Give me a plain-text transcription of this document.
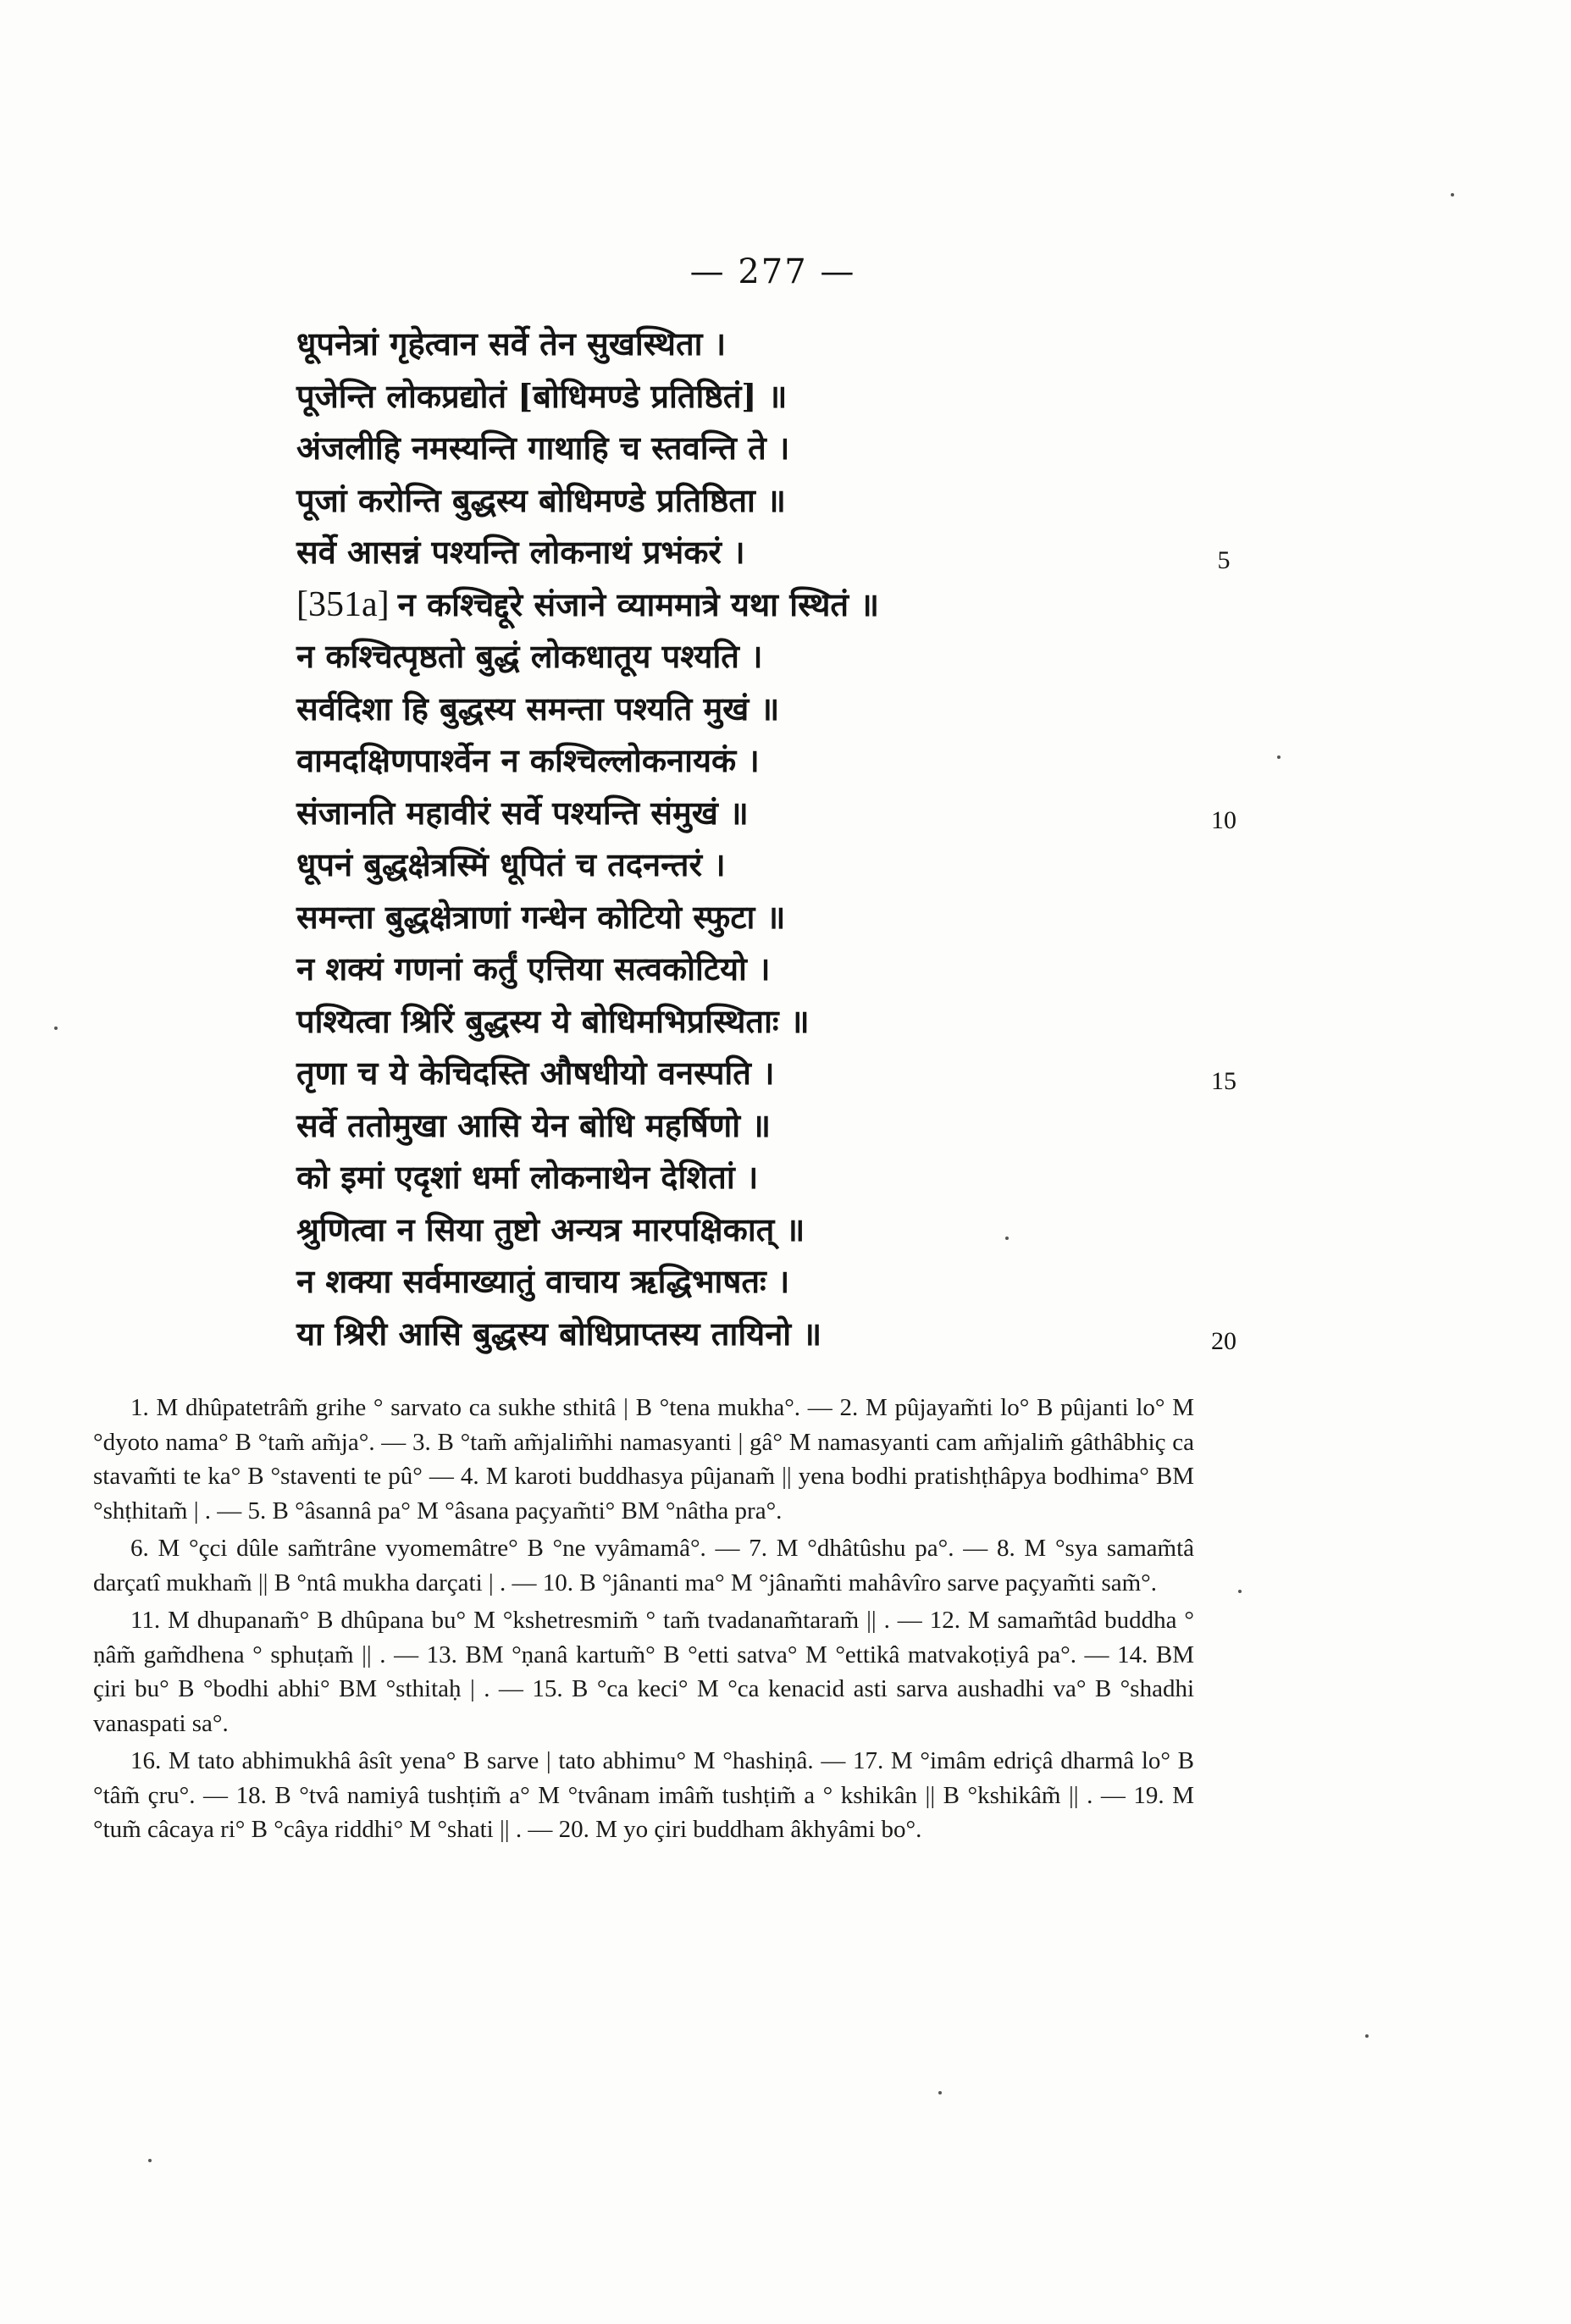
— 277 —
धूपनेत्रां गृहेत्वान सर्वे तेन सुखस्थिता ।
पूजेन्ति लोकप्रद्योतं [बोधिमण्डे प्रतिष्ठितं] ॥
अंजलीहि नमस्यन्ति गाथाहि च स्तवन्ति ते ।
पूजां करोन्ति बुद्धस्य बोधिमण्डे प्रतिष्ठिता ॥
सर्वे आसन्नं पश्यन्ति लोकनाथं प्रभंकरं ।
[351a] न कश्चिद्दूरे संजाने व्याममात्रे यथा स्थितं ॥
न कश्चित्पृष्ठतो बुद्धं लोकधातूय पश्यति ।
सर्वदिशा हि बुद्धस्य समन्ता पश्यति मुखं ॥
वामदक्षिणपार्श्वेन न कश्चिल्लोकनायकं ।
संजानति महावीरं सर्वे पश्यन्ति संमुखं ॥
धूपनं बुद्धक्षेत्रस्मिं धूपितं च तदनन्तरं ।
समन्ता बुद्धक्षेत्राणां गन्धेन कोटियो स्फुटा ॥
न शक्यं गणनां कर्तुं एत्तिया सत्वकोटियो ।
पश्यित्वा श्रिरिं बुद्धस्य ये बोधिमभिप्रस्थिताः ॥
तृणा च ये केचिदस्ति औषधीयो वनस्पति ।
सर्वे ततोमुखा आसि येन बोधि महर्षिणो ॥
को इमां एदृशां धर्मा लोकनाथेन देशितां ।
श्रुणित्वा न सिया तुष्टो अन्यत्र मारपक्षिकात् ॥
न शक्या सर्वमाख्यातुं वाचाय ऋद्धिभाषतः ।
या श्रिरी आसि बुद्धस्य बोधिप्राप्तस्य तायिनो ॥
5
10
15
20

1. M dhûpatetrâm̃ grihe ° sarvato ca sukhe sthitâ | B °tena mukha°. — 2. M pûjayam̃ti lo° B pûjanti lo° M °dyoto nama° B °tam̃ am̃ja°. — 3. B °tam̃ am̃jalim̃hi namasyanti | gâ° M namasyanti cam am̃jalim̃ gâthâbhiç ca stavam̃ti te ka° B °staventi te pû° — 4. M karoti buddhasya pûjanam̃ || yena bodhi pratishṭhâpya bodhima° BM °shṭhitam̃ | . — 5. B °âsannâ pa° M °âsana paçyam̃ti° BM °nâtha pra°.

6. M °çci dûle sam̃trâne vyomemâtre° B °ne vyâmamâ°. — 7. M °dhâtûshu pa°. — 8. M °sya samam̃tâ darçatî mukham̃ || B °ntâ mukha darçati | . — 10. B °jânanti ma° M °jânam̃ti mahâvîro sarve paçyam̃ti sam̃°.

11. M dhupanam̃° B dhûpana bu° M °kshetresmim̃ ° tam̃ tvadanam̃taram̃ || . — 12. M samam̃tâd buddha ° ṇâm̃ gam̃dhena ° sphuṭam̃ || . — 13. BM °ṇanâ kartum̃° B °etti satva° M °ettikâ matvakoṭiyâ pa°. — 14. BM çiri bu° B °bodhi abhi° BM °sthitaḥ | . — 15. B °ca keci° M °ca kenacid asti sarva aushadhi va° B °shadhi vanaspati sa°.

16. M tato abhimukhâ âsît yena° B sarve | tato abhimu° M °hashiṇâ. — 17. M °imâm edriçâ dharmâ lo° B °tâm̃ çru°. — 18. B °tvâ namiyâ tushṭim̃ a° M °tvânam imâm̃ tushṭim̃ a ° kshikân || B °kshikâm̃ || . — 19. M °tum̃ câcaya ri° B °câya riddhi° M °shati || . — 20. M yo çiri buddham âkhyâmi bo°.
